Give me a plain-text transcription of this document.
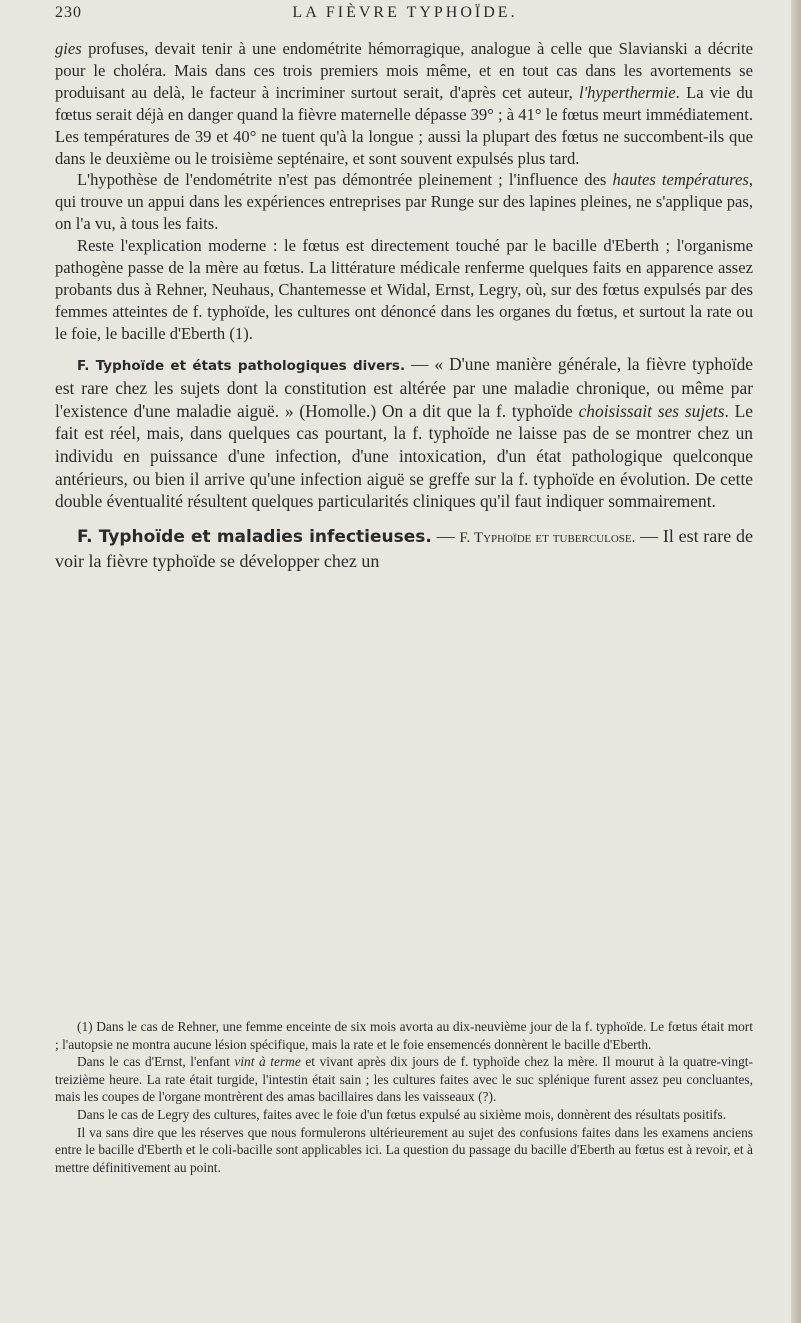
LA FIÈVRE TYPHOÏDE.
230

gies profuses, devait tenir à une endométrite hémorragique, analogue à celle que Slavianski a décrite pour le choléra. Mais dans ces trois premiers mois même, et en tout cas dans les avortements se produisant au delà, le facteur à incriminer surtout serait, d'après cet auteur, l'hyperthermie. La vie du fœtus serait déjà en danger quand la fièvre maternelle dépasse 39° ; à 41° le fœtus meurt immédiatement. Les températures de 39 et 40° ne tuent qu'à la longue ; aussi la plupart des fœtus ne succombent-ils que dans le deuxième ou le troisième septénaire, et sont souvent expulsés plus tard.

L'hypothèse de l'endométrite n'est pas démontrée pleinement ; l'influence des hautes températures, qui trouve un appui dans les expériences entreprises par Runge sur des lapines pleines, ne s'applique pas, on l'a vu, à tous les faits.

Reste l'explication moderne : le fœtus est directement touché par le bacille d'Eberth ; l'organisme pathogène passe de la mère au fœtus. La littérature médicale renferme quelques faits en apparence assez probants dus à Rehner, Neuhaus, Chantemesse et Widal, Ernst, Legry, où, sur des fœtus expulsés par des femmes atteintes de f. typhoïde, les cultures ont dénoncé dans les organes du fœtus, et surtout la rate ou le foie, le bacille d'Eberth (1).

F. Typhoïde et états pathologiques divers. — « D'une manière générale, la fièvre typhoïde est rare chez les sujets dont la constitution est altérée par une maladie chronique, ou même par l'existence d'une maladie aiguë. » (Homolle.) On a dit que la f. typhoïde choisissait ses sujets. Le fait est réel, mais, dans quelques cas pourtant, la f. typhoïde ne laisse pas de se montrer chez un individu en puissance d'une infection, d'une intoxication, d'un état pathologique quelconque antérieurs, ou bien il arrive qu'une infection aiguë se greffe sur la f. typhoïde en évolution. De cette double éventualité résultent quelques particularités cliniques qu'il faut indiquer sommairement.

F. Typhoïde et maladies infectieuses. — F. Typhoïde et tuberculose. — Il est rare de voir la fièvre typhoïde se développer chez un

(1) Dans le cas de Rehner, une femme enceinte de six mois avorta au dix-neuvième jour de la f. typhoïde. Le fœtus était mort ; l'autopsie ne montra aucune lésion spécifique, mais la rate et le foie ensemencés donnèrent le bacille d'Eberth.

Dans le cas d'Ernst, l'enfant vint à terme et vivant après dix jours de f. typhoïde chez la mère. Il mourut à la quatre-vingt-treizième heure. La rate était turgide, l'intestin était sain ; les cultures faites avec le suc splénique furent assez peu concluantes, mais les coupes de l'organe montrèrent des amas bacillaires dans les vaisseaux (?).

Dans le cas de Legry des cultures, faites avec le foie d'un fœtus expulsé au sixième mois, donnèrent des résultats positifs.

Il va sans dire que les réserves que nous formulerons ultérieurement au sujet des confusions faites dans les examens anciens entre le bacille d'Eberth et le coli-bacille sont applicables ici. La question du passage du bacille d'Eberth au fœtus est à revoir, et à mettre définitivement au point.
